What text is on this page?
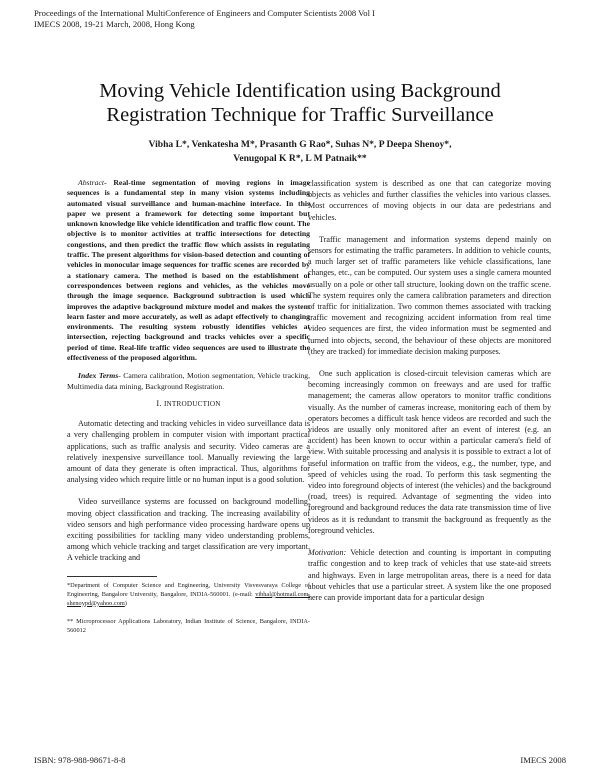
Proceedings of the International MultiConference of Engineers and Computer Scientists 2008 Vol I
IMECS 2008, 19-21 March, 2008, Hong Kong
Moving Vehicle Identification using Background
Registration Technique for Traffic Surveillance
Vibha L*, Venkatesha M*, Prasanth G Rao*, Suhas N*, P Deepa Shenoy*,
Venugopal K R*, L M Patnaik**

Abstract- Real-time segmentation of moving regions in image sequences is a fundamental step in many vision systems including automated visual surveillance and human-machine interface. In this paper we present a framework for detecting some important but unknown knowledge like vehicle identification and traffic flow count. The objective is to monitor activities at traffic intersections for detecting congestions, and then predict the traffic flow which assists in regulating traffic. The present algorithms for vision-based detection and counting of vehicles in monocular image sequences for traffic scenes are recorded by a stationary camera. The method is based on the establishment of correspondences between regions and vehicles, as the vehicles move through the image sequence. Background subtraction is used which improves the adaptive background mixture model and makes the system learn faster and more accurately, as well as adapt effectively to changing environments. The resulting system robustly identifies vehicles at intersection, rejecting background and tracks vehicles over a specific period of time. Real-life traffic video sequences are used to illustrate the effectiveness of the proposed algorithm.

Index Terms- Camera calibration, Motion segmentation, Vehicle tracking, Multimedia data mining, Background Registration.

I. INTRODUCTION

Automatic detecting and tracking vehicles in video surveillance data is a very challenging problem in computer vision with important practical applications, such as traffic analysis and security. Video cameras are a relatively inexpensive surveillance tool. Manually reviewing the large amount of data they generate is often impractical. Thus, algorithms for analysing video which require little or no human input is a good solution.

Video surveillance systems are focussed on background modelling, moving object classification and tracking. The increasing availability of video sensors and high performance video processing hardware opens up exciting possibilities for tackling many video understanding problems, among which vehicle tracking and target classification are very important. A vehicle tracking and

*Department of Computer Science and Engineering, University Visvesvaraya College of Engineering, Bangalore University, Bangalore, INDIA-560001. (e-mail: vibhal@hotmail.com, shenoypd@yahoo.com)

** Microprocessor Applications Laboratory, Indian Institute of Science, Bangalore, INDIA-560012

classification system is described as one that can categorize moving objects as vehicles and further classifies the vehicles into various classes. Most occurrences of moving objects in our data are pedestrians and vehicles.

Traffic management and information systems depend mainly on sensors for estimating the traffic parameters. In addition to vehicle counts, a much larger set of traffic parameters like vehicle classifications, lane changes, etc., can be computed. Our system uses a single camera mounted usually on a pole or other tall structure, looking down on the traffic scene. The system requires only the camera calibration parameters and direction of traffic for initialization. Two common themes associated with tracking traffic movement and recognizing accident information from real time video sequences are first, the video information must be segmented and turned into objects, second, the behaviour of these objects are monitored (they are tracked) for immediate decision making purposes.

One such application is closed-circuit television cameras which are becoming increasingly common on freeways and are used for traffic management; the cameras allow operators to monitor traffic conditions visually. As the number of cameras increase, monitoring each of them by operators becomes a difficult task hence videos are recorded and such the videos are usually only monitored after an event of interest (e.g. an accident) has been known to occur within a particular camera's field of view. With suitable processing and analysis it is possible to extract a lot of useful information on traffic from the videos, e.g., the number, type, and speed of vehicles using the road. To perform this task segmenting the video into foreground objects of interest (the vehicles) and the background (road, trees) is required. Advantage of segmenting the video into foreground and background reduces the data rate transmission time of live videos as it is redundant to transmit the background as frequently as the foreground vehicles.

Motivation: Vehicle detection and counting is important in computing traffic congestion and to keep track of vehicles that use state-aid streets and highways. Even in large metropolitan areas, there is a need for data about vehicles that use a particular street. A system like the one proposed here can provide important data for a particular design

ISBN: 978-988-98671-8-8	IMECS 2008
